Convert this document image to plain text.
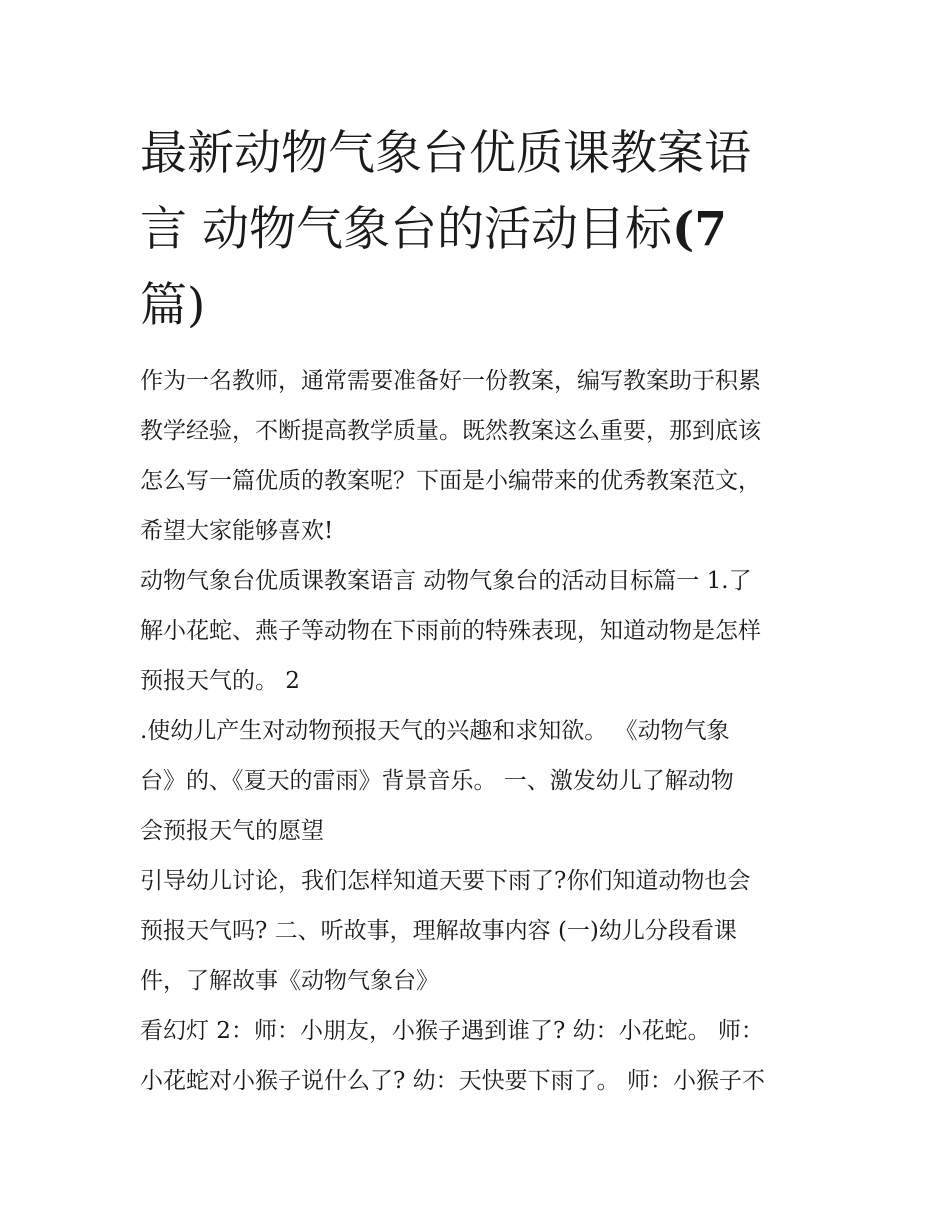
最新动物气象台优质课教案语
言 动物气象台的活动目标(7
篇)
作为一名教师，通常需要准备好一份教案，编写教案助于积累
教学经验，不断提高教学质量。既然教案这么重要，那到底该
怎么写一篇优质的教案呢？下面是小编带来的优秀教案范文，
希望大家能够喜欢!
动物气象台优质课教案语言 动物气象台的活动目标篇一 1.了
解小花蛇、燕子等动物在下雨前的特殊表现，知道动物是怎样
预报天气的。 2
.使幼儿产生对动物预报天气的兴趣和求知欲。 《动物气象
台》的、《夏天的雷雨》背景音乐。 一、激发幼儿了解动物
会预报天气的愿望
引导幼儿讨论，我们怎样知道天要下雨了?你们知道动物也会
预报天气吗? 二、听故事，理解故事内容 (一)幼儿分段看课
件，了解故事《动物气象台》
看幻灯 2：师：小朋友，小猴子遇到谁了? 幼：小花蛇。 师：
小花蛇对小猴子说什么了? 幼：天快要下雨了。 师：小猴子不
